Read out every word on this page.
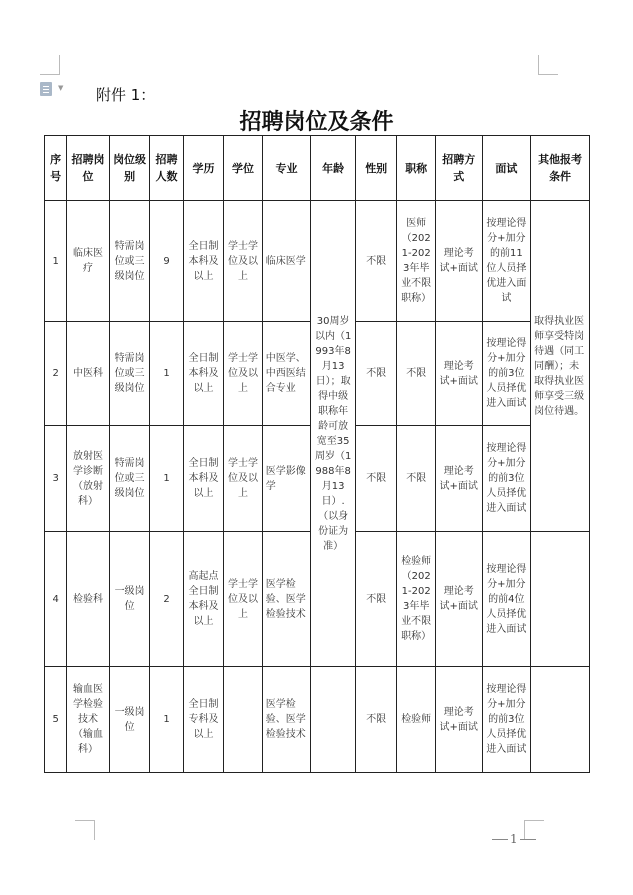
▼ 附件 1：
招聘岗位及条件
序号	招聘岗位	岗位级别	招聘人数	学历	学位	专业	年龄	性别	职称	招聘方式	面试	其他报考条件
1	临床医疗	特需岗位或三级岗位	9	全日制本科及以上	学士学位及以上	临床医学	30周岁以内（1993年8月13日）；取得中级职称年龄可放宽至35周岁（1988年8月13日）.（以身份证为准）	不限	医师（2021-2023年毕业不限职称）	理论考试+面试	按理论得分+加分的前11位人员择优进入面试	取得执业医师享受特岗待遇（同工同酬）；未取得执业医师享受三级岗位待遇。
2	中医科	特需岗位或三级岗位	1	全日制本科及以上	学士学位及以上	中医学、中西医结合专业		不限	不限	理论考试+面试	按理论得分+加分的前3位人员择优进入面试	
3	放射医学诊断（放射科）	特需岗位或三级岗位	1	全日制本科及以上	学士学位及以上	医学影像学		不限	不限	理论考试+面试	按理论得分+加分的前3位人员择优进入面试	
4	检验科	一级岗位	2	高起点全日制本科及以上	学士学位及以上	医学检验、医学检验技术		不限	检验师（2021-2023年毕业不限职称）	理论考试+面试	按理论得分+加分的前4位人员择优进入面试	
5	输血医学检验技术（输血科）	一级岗位	1	全日制专科及以上		医学检验、医学检验技术		不限	检验师	理论考试+面试	按理论得分+加分的前3位人员择优进入面试	
1
